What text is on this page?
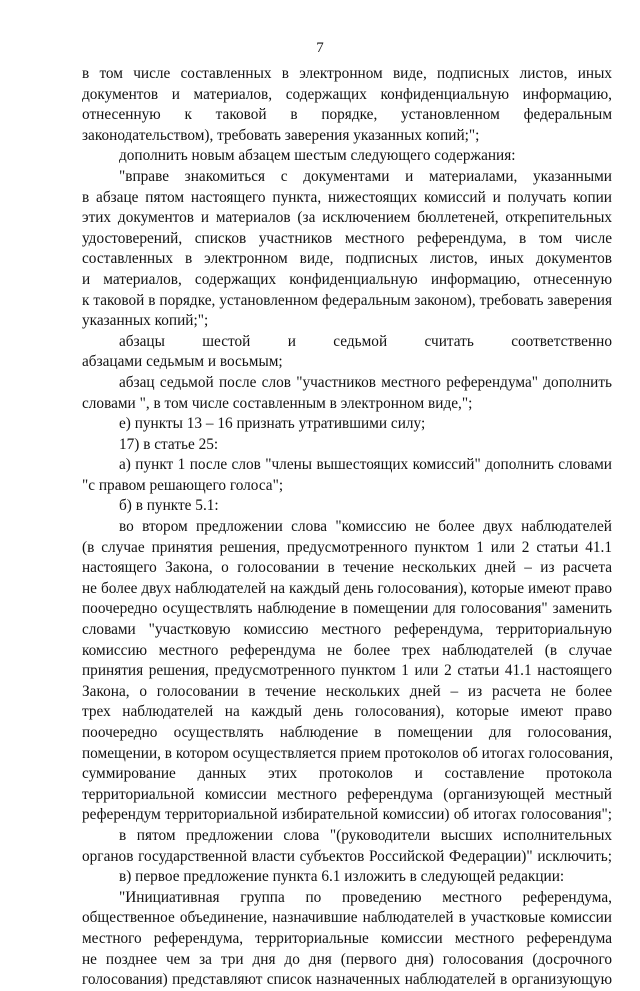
7
в том числе составленных в электронном виде, подписных листов, иных
документов и материалов, содержащих конфиденциальную информацию,
отнесенную к таковой в порядке, установленном федеральным
законодательством), требовать заверения указанных копий;";
дополнить новым абзацем шестым следующего содержания:
"вправе знакомиться с документами и материалами, указанными
в абзаце пятом настоящего пункта, нижестоящих комиссий и получать копии
этих документов и материалов (за исключением бюллетеней, открепительных
удостоверений, списков участников местного референдума, в том числе
составленных в электронном виде, подписных листов, иных документов
и материалов, содержащих конфиденциальную информацию, отнесенную
к таковой в порядке, установленном федеральным законом), требовать заверения
указанных копий;";
абзацы шестой и седьмой считать соответственно
абзацами седьмым и восьмым;
абзац седьмой после слов "участников местного референдума" дополнить
словами ", в том числе составленным в электронном виде,";
е) пункты 13 – 16 признать утратившими силу;
17) в статье 25:
а) пункт 1 после слов "члены вышестоящих комиссий" дополнить словами
"с правом решающего голоса";
б) в пункте 5.1:
во втором предложении слова "комиссию не более двух наблюдателей
(в случае принятия решения, предусмотренного пунктом 1 или 2 статьи 41.1
настоящего Закона, о голосовании в течение нескольких дней – из расчета
не более двух наблюдателей на каждый день голосования), которые имеют право
поочередно осуществлять наблюдение в помещении для голосования" заменить
словами "участковую комиссию местного референдума, территориальную
комиссию местного референдума не более трех наблюдателей (в случае
принятия решения, предусмотренного пунктом 1 или 2 статьи 41.1 настоящего
Закона, о голосовании в течение нескольких дней – из расчета не более
трех наблюдателей на каждый день голосования), которые имеют право
поочередно осуществлять наблюдение в помещении для голосования,
помещении, в котором осуществляется прием протоколов об итогах голосования,
суммирование данных этих протоколов и составление протокола
территориальной комиссии местного референдума (организующей местный
референдум территориальной избирательной комиссии) об итогах голосования";
в пятом предложении слова "(руководители высших исполнительных
органов государственной власти субъектов Российской Федерации)" исключить;
в) первое предложение пункта 6.1 изложить в следующей редакции:
"Инициативная группа по проведению местного референдума,
общественное объединение, назначившие наблюдателей в участковые комиссии
местного референдума, территориальные комиссии местного референдума
не позднее чем за три дня до дня (первого дня) голосования (досрочного
голосования) представляют список назначенных наблюдателей в организующую
